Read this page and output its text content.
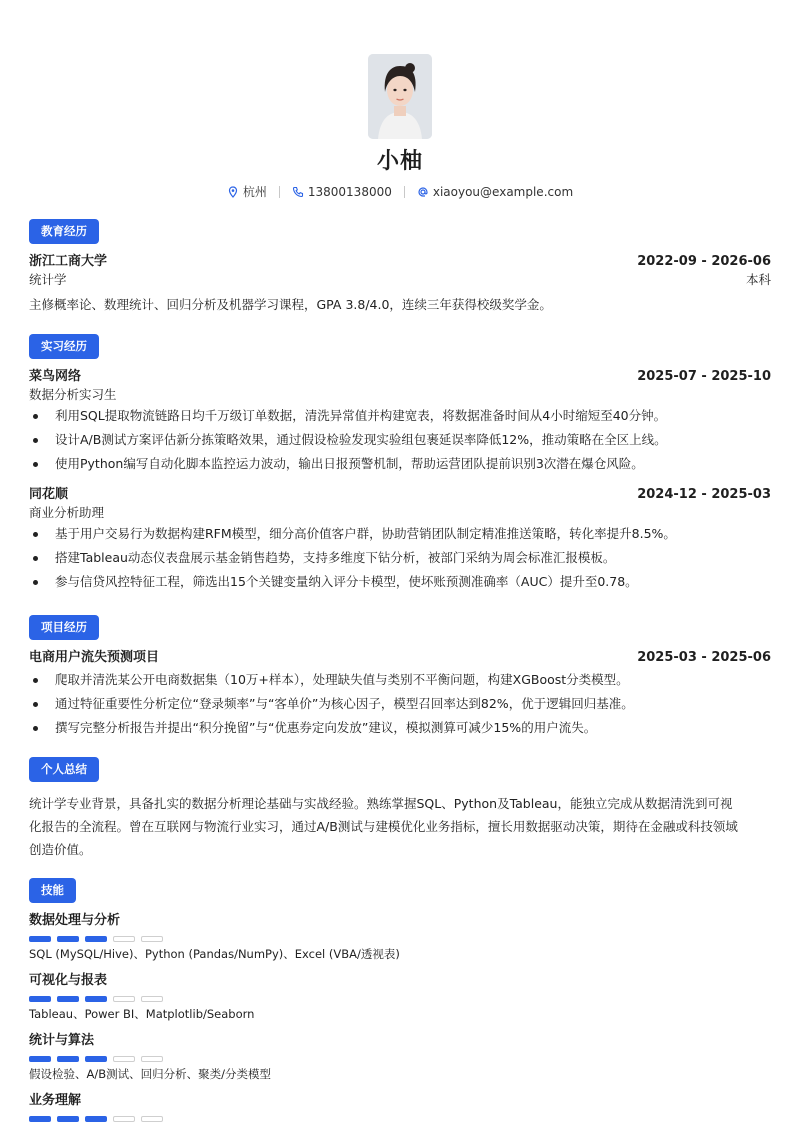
小柚
杭州	13800138000	xiaoyou@example.com
教育经历
浙江工商大学	2022-09 - 2026-06
统计学	本科
主修概率论、数理统计、回归分析及机器学习课程，GPA 3.8/4.0，连续三年获得校级奖学金。
实习经历
菜鸟网络	2025-07 - 2025-10
数据分析实习生
利用SQL提取物流链路日均千万级订单数据，清洗异常值并构建宽表，将数据准备时间从4小时缩短至40分钟。
设计A/B测试方案评估新分拣策略效果，通过假设检验发现实验组包裹延误率降低12%，推动策略在全区上线。
使用Python编写自动化脚本监控运力波动，输出日报预警机制，帮助运营团队提前识别3次潜在爆仓风险。
同花顺	2024-12 - 2025-03
商业分析助理
基于用户交易行为数据构建RFM模型，细分高价值客户群，协助营销团队制定精准推送策略，转化率提升8.5%。
搭建Tableau动态仪表盘展示基金销售趋势，支持多维度下钻分析，被部门采纳为周会标准汇报模板。
参与信贷风控特征工程，筛选出15个关键变量纳入评分卡模型，使坏账预测准确率（AUC）提升至0.78。
项目经历
电商用户流失预测项目	2025-03 - 2025-06
爬取并清洗某公开电商数据集（10万+样本），处理缺失值与类别不平衡问题，构建XGBoost分类模型。
通过特征重要性分析定位“登录频率”与“客单价”为核心因子，模型召回率达到82%，优于逻辑回归基准。
撰写完整分析报告并提出“积分挽留”与“优惠券定向发放”建议，模拟测算可减少15%的用户流失。
个人总结
统计学专业背景，具备扎实的数据分析理论基础与实战经验。熟练掌握SQL、Python及Tableau，能独立完成从数据清洗到可视
化报告的全流程。曾在互联网与物流行业实习，通过A/B测试与建模优化业务指标，擅长用数据驱动决策，期待在金融或科技领域
创造价值。
技能
数据处理与分析
SQL (MySQL/Hive)、Python (Pandas/NumPy)、Excel (VBA/透视表)
可视化与报表
Tableau、Power BI、Matplotlib/Seaborn
统计与算法
假设检验、A/B测试、回归分析、聚类/分类模型
业务理解
